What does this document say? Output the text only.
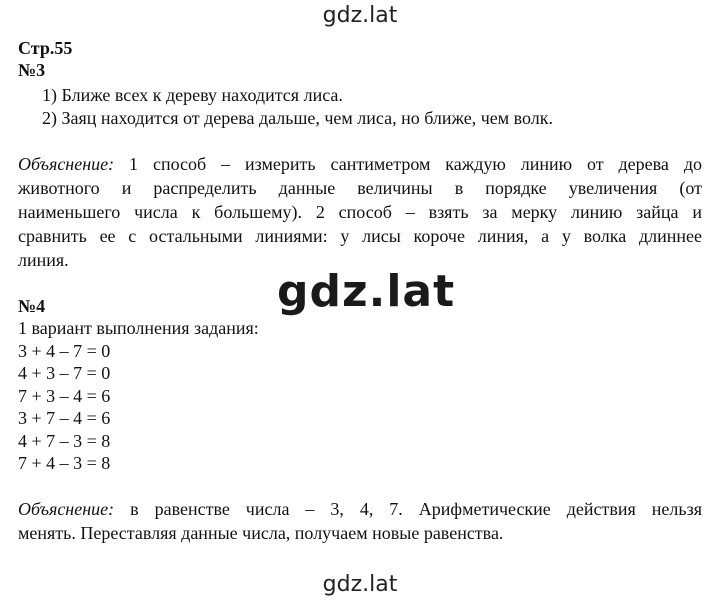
gdz.lat
gdz.lat
gdz.lat
Стр.55
№3
1) Ближе всех к дереву находится лиса.
2) Заяц находится от дерева дальше, чем лиса, но ближе, чем волк.
Объяснение: 1 способ – измерить сантиметром каждую линию от дерева до
животного и распределить данные величины в порядке увеличения (от
наименьшего числа к большему). 2 способ – взять за мерку линию зайца и
сравнить ее с остальными линиями: у лисы короче линия, а у волка длиннее
линия.
№4
1 вариант выполнения задания:
3 + 4 – 7 = 0
4 + 3 – 7 = 0
7 + 3 – 4 = 6
3 + 7 – 4 = 6
4 + 7 – 3 = 8
7 + 4 – 3 = 8
Объяснение: в равенстве числа – 3, 4, 7. Арифметические действия нельзя
менять. Переставляя данные числа, получаем новые равенства.
